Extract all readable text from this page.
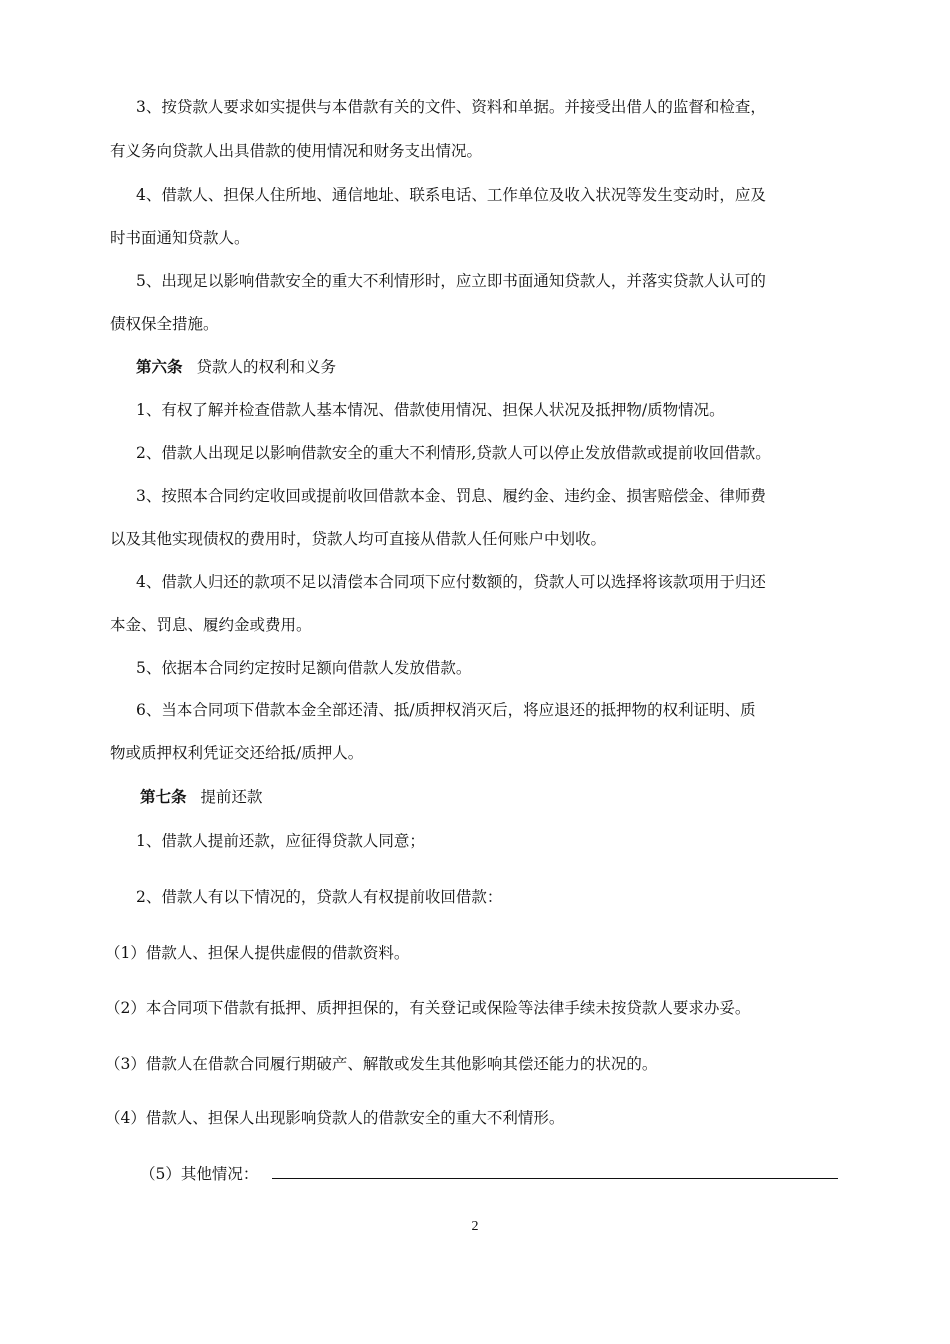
3、按贷款人要求如实提供与本借款有关的文件、资料和单据。并接受出借人的监督和检查，
有义务向贷款人出具借款的使用情况和财务支出情况。
4、借款人、担保人住所地、通信地址、联系电话、工作单位及收入状况等发生变动时，应及
时书面通知贷款人。
5、出现足以影响借款安全的重大不利情形时，应立即书面通知贷款人，并落实贷款人认可的
债权保全措施。
第六条 贷款人的权利和义务
1、有权了解并检查借款人基本情况、借款使用情况、担保人状况及抵押物/质物情况。
2、借款人出现足以影响借款安全的重大不利情形,贷款人可以停止发放借款或提前收回借款。
3、按照本合同约定收回或提前收回借款本金、罚息、履约金、违约金、损害赔偿金、律师费
以及其他实现债权的费用时，贷款人均可直接从借款人任何账户中划收。
4、借款人归还的款项不足以清偿本合同项下应付数额的，贷款人可以选择将该款项用于归还
本金、罚息、履约金或费用。
5、依据本合同约定按时足额向借款人发放借款。
6、当本合同项下借款本金全部还清、抵/质押权消灭后，将应退还的抵押物的权利证明、质
物或质押权利凭证交还给抵/质押人。
第七条 提前还款
1、借款人提前还款，应征得贷款人同意；
2、借款人有以下情况的，贷款人有权提前收回借款：
（1）借款人、担保人提供虚假的借款资料。
（2）本合同项下借款有抵押、质押担保的，有关登记或保险等法律手续未按贷款人要求办妥。
（3）借款人在借款合同履行期破产、解散或发生其他影响其偿还能力的状况的。
（4）借款人、担保人出现影响贷款人的借款安全的重大不利情形。
（5）其他情况：
2
